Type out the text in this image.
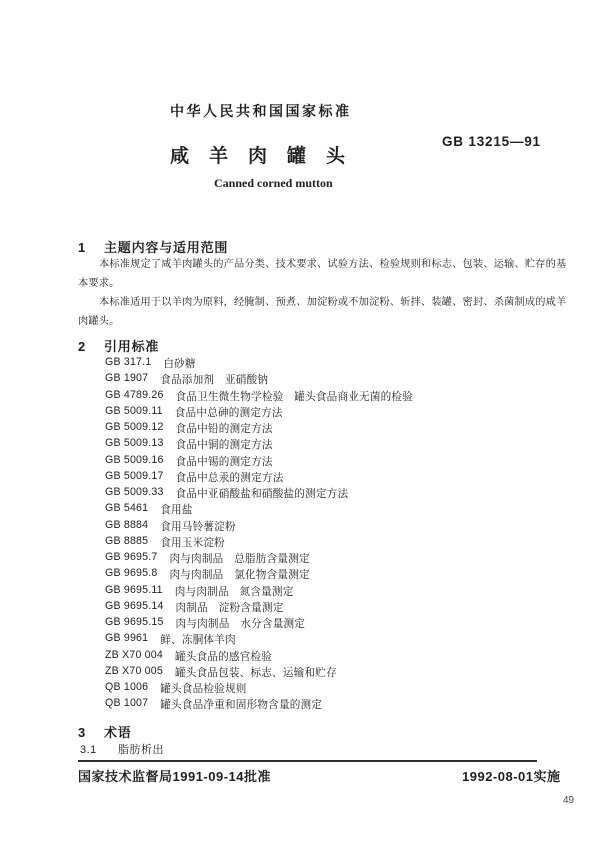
中华人民共和国国家标准
GB 13215—91
咸羊肉罐头
Canned corned mutton
1 主题内容与适用范围
本标准规定了咸羊肉罐头的产品分类、技术要求、试验方法、检验规则和标志、包装、运输、贮存的基
本要求。
本标准适用于以羊肉为原料，经腌制、预煮、加淀粉或不加淀粉、斩拌、装罐、密封、杀菌制成的咸羊
肉罐头。
2 引用标准
GB 317.1 白砂糖
GB 1907 食品添加剂　亚硝酸钠
GB 4789.26 食品卫生微生物学检验　罐头食品商业无菌的检验
GB 5009.11 食品中总砷的测定方法
GB 5009.12 食品中铅的测定方法
GB 5009.13 食品中铜的测定方法
GB 5009.16 食品中锡的测定方法
GB 5009.17 食品中总汞的测定方法
GB 5009.33 食品中亚硝酸盐和硝酸盐的测定方法
GB 5461 食用盐
GB 8884 食用马铃薯淀粉
GB 8885 食用玉米淀粉
GB 9695.7 肉与肉制品　总脂肪含量测定
GB 9695.8 肉与肉制品　氯化物含量测定
GB 9695.11 肉与肉制品　氮含量测定
GB 9695.14 肉制品　淀粉含量测定
GB 9695.15 肉与肉制品　水分含量测定
GB 9961 鲜、冻胴体羊肉
ZB X70 004 罐头食品的感官检验
ZB X70 005 罐头食品包装、标志、运输和贮存
QB 1006 罐头食品检验规则
QB 1007 罐头食品净重和固形物含量的测定
3 术语
3.1 脂肪析出
国家技术监督局1991-09-14批准	1992-08-01实施
49
